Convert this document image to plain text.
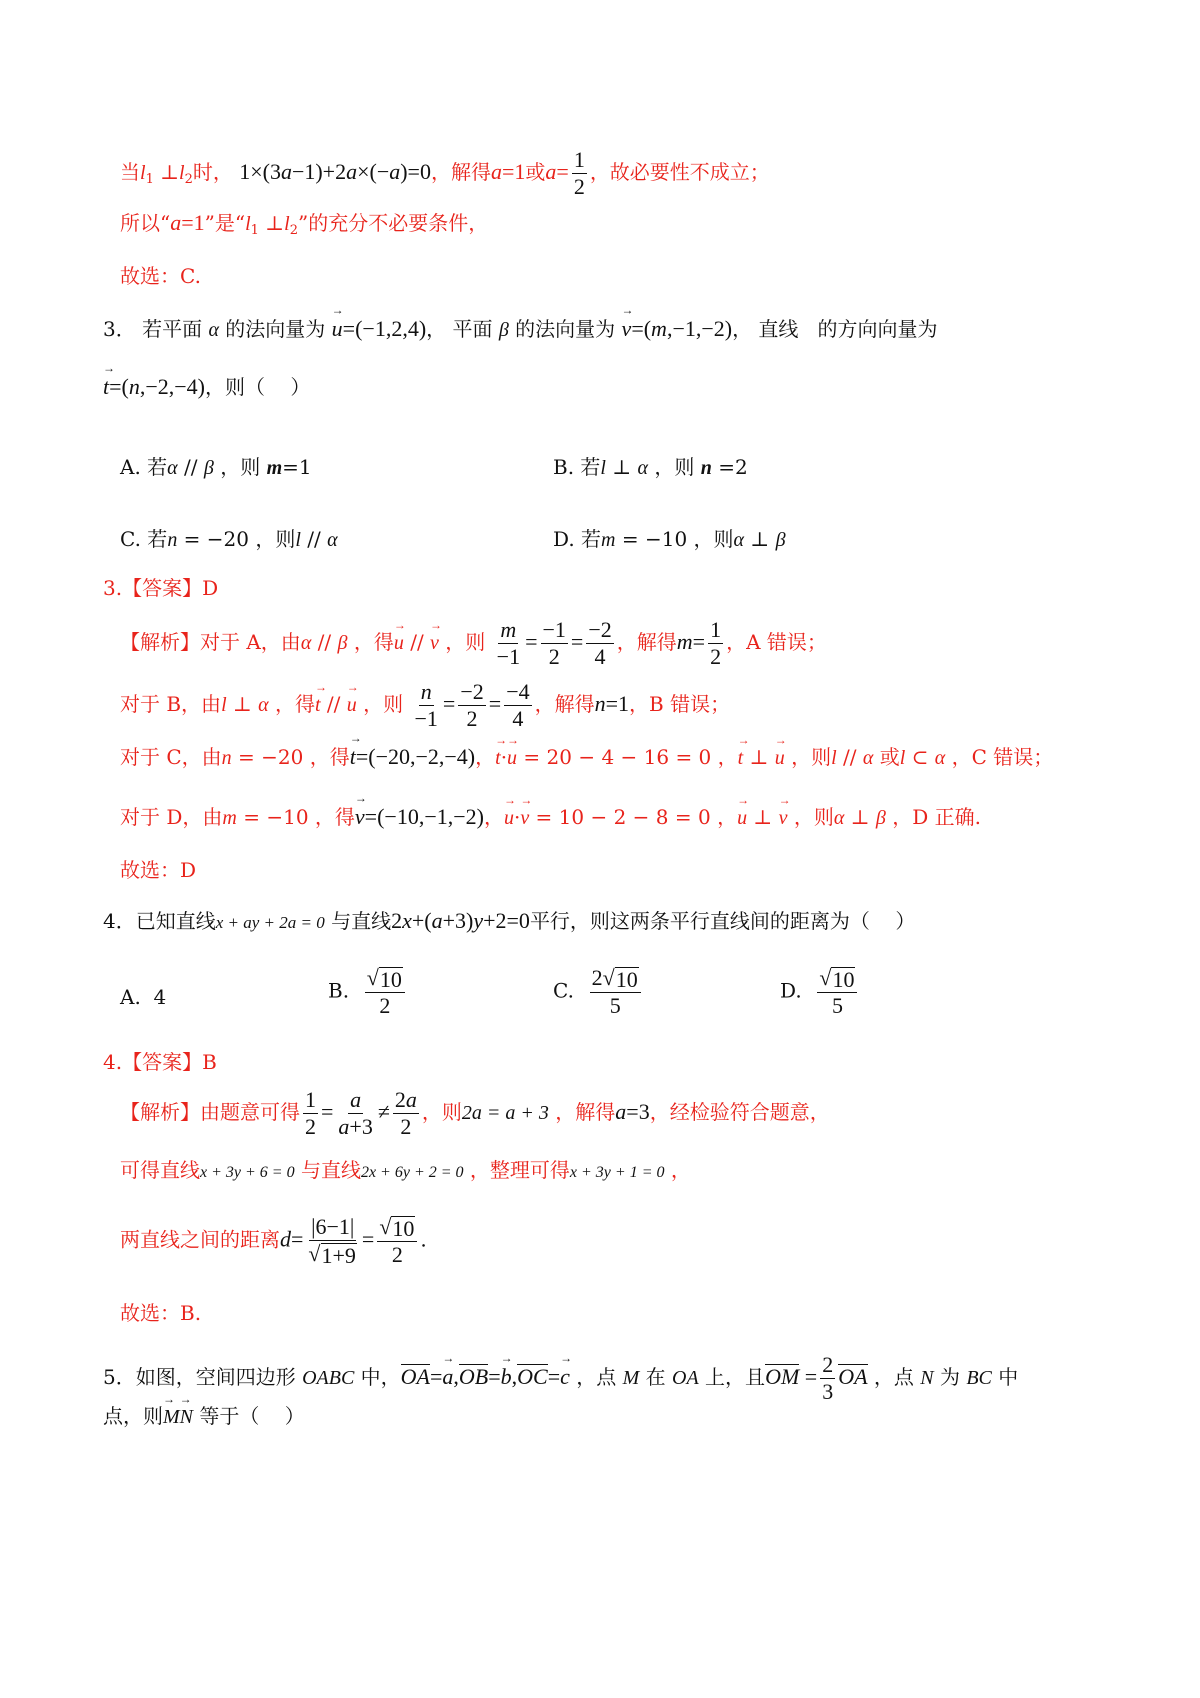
当$l_1$ $\perp l_2$时， 1×(3a−1)+2a×(−a)=0，解得a=1或$a= \frac{1}{2}$ ，故必要性不成立；
所以“a=1”是“$l_1$ $\perp l_2$”的充分不必要条件，
故选：C.
3． 若平面 α 的法向量为 → u=(−1,2,4)， 平面 β 的法向量为 → v=(m,−1,−2)， 直线   的方向向量为
→ t=(n,−2,−4)，则（    ）
A. 若α // β ，则 m=1	B. 若l ⊥ α ，则 n =2
C. 若n = −20 ，则l // α	D. 若m = −10 ，则α ⊥ β
3.【答案】D
【解析】对于 A，由α // β ，得→ u // → v ，则 $\frac{m}{-1} = \frac{-1}{2} = \frac{-2}{4}$ ，解得$m= \frac{1}{2}$ ，A 错误；
对于 B，由l ⊥ α ，得→ t // → u ，则 $\frac{n}{-1} = \frac{-2}{2} = \frac{-4}{4}$ ，解得n=1，B 错误；
对于 C，由n = −20 ，得→ t=(−20,−2,−4)，→ t·→ u = 20 − 4 − 16 = 0 ，→ t ⊥ → u ，则l // α 或l ⊂ α ，C 错误；
对于 D，由m = −10 ，得→ v=(−10,−1,−2)，→ u·→ v = 10 − 2 − 8 = 0 ，→ u ⊥ → v ，则α ⊥ β ，D 正确.
故选：D
4．已知直线x + ay + 2a = 0 与直线2x+(a+3)y+2=0平行，则这两条平行直线间的距离为（    ）
A.  4	B. $\frac{√ 10}{2}$	C. $\frac{2 √ 10}{5}$	D. $\frac{√ 10}{5}$
4.【答案】B
【解析】由题意可得 $\frac{1}{2} = \frac{a}{a+3} \ne \frac{2a}{2}$ ，则2a = a + 3 ，解得a=3，经检验符合题意，
可得直线x + 3y + 6 = 0 与直线2x + 6y + 2 = 0 ，整理可得x + 3y + 1 = 0 ，
两直线之间的距离$d= \frac{|6-1|}{√ 1+9} = \frac{√ 10}{2}$ .
故选：B.
5．如图，空间四边形 OABC 中，OA=→ a,OB=→ b,OC=→ c ，点 M 在 OA 上，且OM = $\frac{2}{3}$ OA ，点 N 为 BC 中
点，则→ M→ N 等于（    ）
